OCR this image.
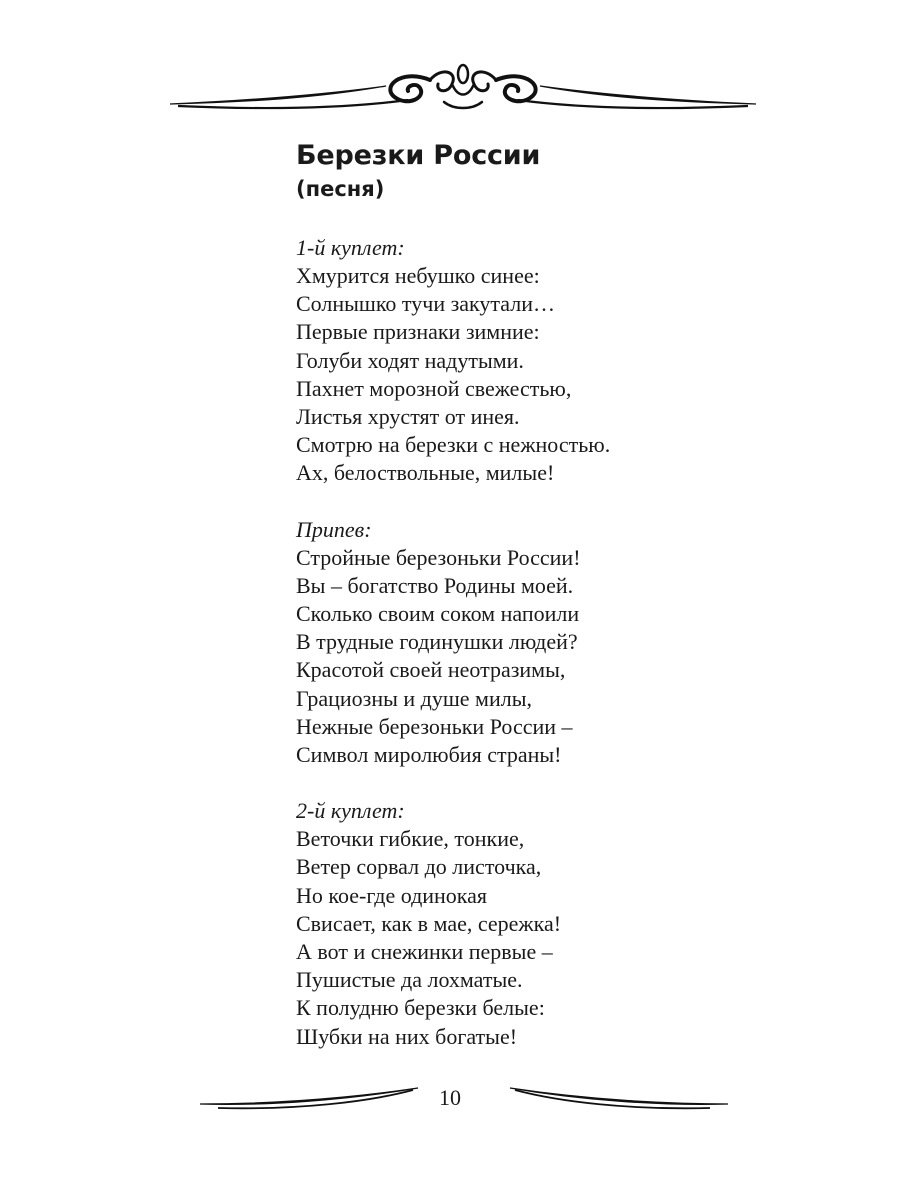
Березки России
(песня)
1-й куплет:
Хмурится небушко синее:
Солнышко тучи закутали…
Первые признаки зимние:
Голуби ходят надутыми.
Пахнет морозной свежестью,
Листья хрустят от инея.
Смотрю на березки с нежностью.
Ах, белоствольные, милые!
Припев:
Стройные березоньки России!
Вы – богатство Родины моей.
Сколько своим соком напоили
В трудные годинушки людей?
Красотой своей неотразимы,
Грациозны и душе милы,
Нежные березоньки России –
Символ миролюбия страны!
2-й куплет:
Веточки гибкие, тонкие,
Ветер сорвал до листочка,
Но кое-где одинокая
Свисает, как в мае, сережка!
А вот и снежинки первые –
Пушистые да лохматые.
К полудню березки белые:
Шубки на них богатые!
10
